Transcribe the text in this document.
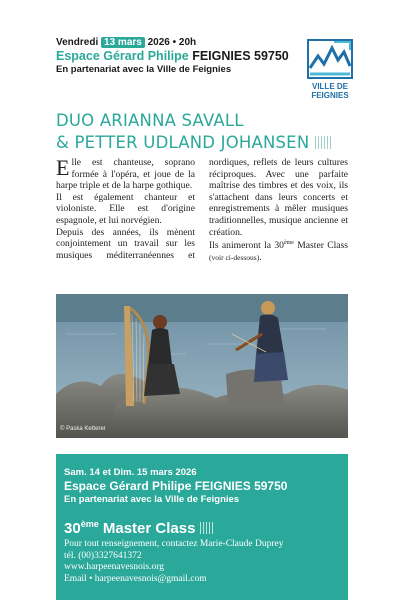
Vendredi 13 mars 2026 • 20h
Espace Gérard Philipe FEIGNIES 59750
En partenariat avec la Ville de Feignies
VILLE DE
FEIGNIES
DUO ARIANNA SAVALL
& PETTER UDLAND JOHANSEN

Elle est chanteuse, soprano formée à l'opéra, et joue de la harpe triple et de la harpe gothique.

Il est également chanteur et violoniste. Elle est d'origine espagnole, et lui norvégien.

Depuis des années, ils mènent conjointement un travail sur les musiques méditerranéennes et nordiques, reflets de leurs cultures réciproques. Avec une parfaite maîtrise des timbres et des voix, ils s'attachent dans leurs concerts et enregistrements à mêler musiques traditionnelles, musique ancienne et création.

Ils animeront la 30ème Master Class (voir ci-dessous).

© Paska Ketterer
Sam. 14 et Dim. 15 mars 2026
Espace Gérard Philipe FEIGNIES 59750
En partenariat avec la Ville de Feignies
30ème Master Class
Pour tout renseignement, contactez Marie-Claude Duprey
tél. (00)3327641372
www.harpeenavesnois.org
Email • harpeenavesnois@gmail.com
